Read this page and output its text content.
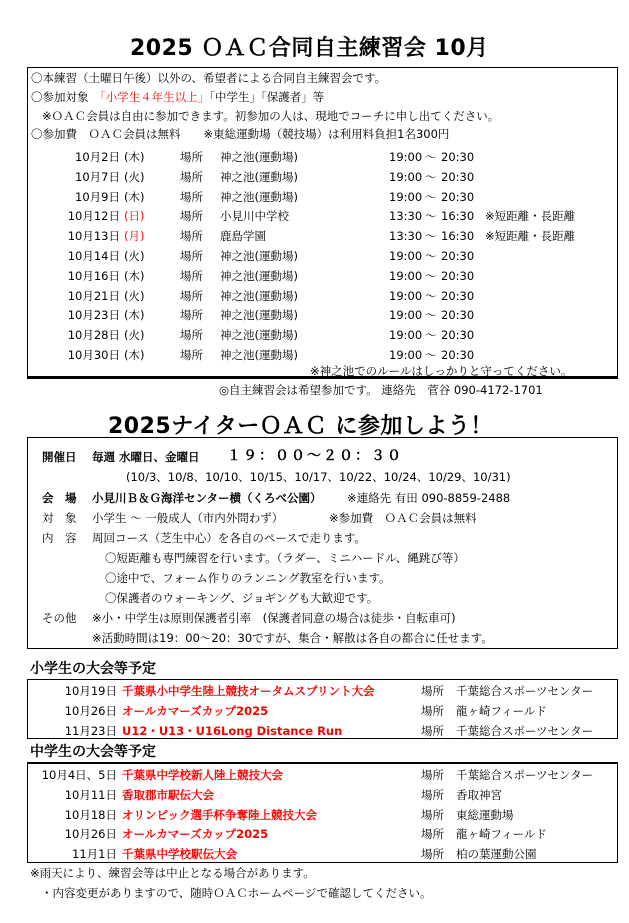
2025 ＯＡＣ合同自主練習会 10月
〇本練習（土曜日午後）以外の、希望者による合同自主練習会です。
〇参加対象　「小学生４年生以上」「中学生」「保護者」等
※ＯＡＣ会員は自由に参加できます。初参加の人は、現地でコーチに申し出てください。
〇参加費　ＯＡＣ会員は無料　　※東総運動場（競技場）は利用料負担1名300円
10月2日 (木)	場所 神之池(運動場)	19:00 ～ 20:30
10月7日 (火)	場所 神之池(運動場)	19:00 ～ 20:30
10月9日 (木)	場所 神之池(運動場)	19:00 ～ 20:30
10月12日 (日)	場所 小見川中学校	13:30 ～ 16:30 ※短距離・長距離
10月13日 (月)	場所 鹿島学園	13:30 ～ 16:30 ※短距離・長距離
10月14日 (火)	場所 神之池(運動場)	19:00 ～ 20:30
10月16日 (木)	場所 神之池(運動場)	19:00 ～ 20:30
10月21日 (火)	場所 神之池(運動場)	19:00 ～ 20:30
10月23日 (木)	場所 神之池(運動場)	19:00 ～ 20:30
10月28日 (火)	場所 神之池(運動場)	19:00 ～ 20:30
10月30日 (木)	場所 神之池(運動場)	19:00 ～ 20:30
※神之池でのルールはしっかりと守ってください。
◎自主練習会は希望参加です。 連絡先　菅谷 090-4172-1701
2025ナイターＯＡＣ に参加しよう！
開催日 毎週 水曜日、金曜日 １９：００～２０：３０
(10/3、10/8、10/10、10/15、10/17、10/22、10/24、10/29、10/31)
会　場 小見川Ｂ＆Ｇ海洋センター横（くろべ公園） ※連絡先 有田 090-8859-2488
対　象 小学生 ～ 一般成人（市内外問わず）	※参加費　ＯＡＣ会員は無料
内　容 周回コース（芝生中心）を各自のペースで走ります。
〇短距離も専門練習を行います。（ラダー、ミニハードル、縄跳び等）
〇途中で、フォーム作りのランニング教室を行います。
〇保護者のウォーキング、ジョギングも大歓迎です。
その他 ※小・中学生は原則保護者引率　(保護者同意の場合は徒歩・自転車可)
※活動時間は19：00～20：30ですが、集合・解散は各自の都合に任せます。
小学生の大会等予定
10月19日 千葉県小中学生陸上競技オータムスプリント大会	場所 千葉総合スポーツセンター
10月26日 オールカマーズカップ2025	場所 龍ヶ崎フィールド
11月23日 U12・U13・U16Long Distance Run	場所 千葉総合スポーツセンター
中学生の大会等予定
10月4日、5日 千葉県中学校新人陸上競技大会	場所 千葉総合スポーツセンター
10月11日 香取郡市駅伝大会	場所 香取神宮
10月18日 オリンピック選手杯争奪陸上競技大会	場所 東総運動場
10月26日 オールカマーズカップ2025	場所 龍ヶ崎フィールド
11月1日 千葉県中学校駅伝大会	場所 柏の葉運動公園
※雨天により、練習会等は中止となる場合があります。
・内容変更がありますので、随時ＯＡＣホームページで確認してください。
